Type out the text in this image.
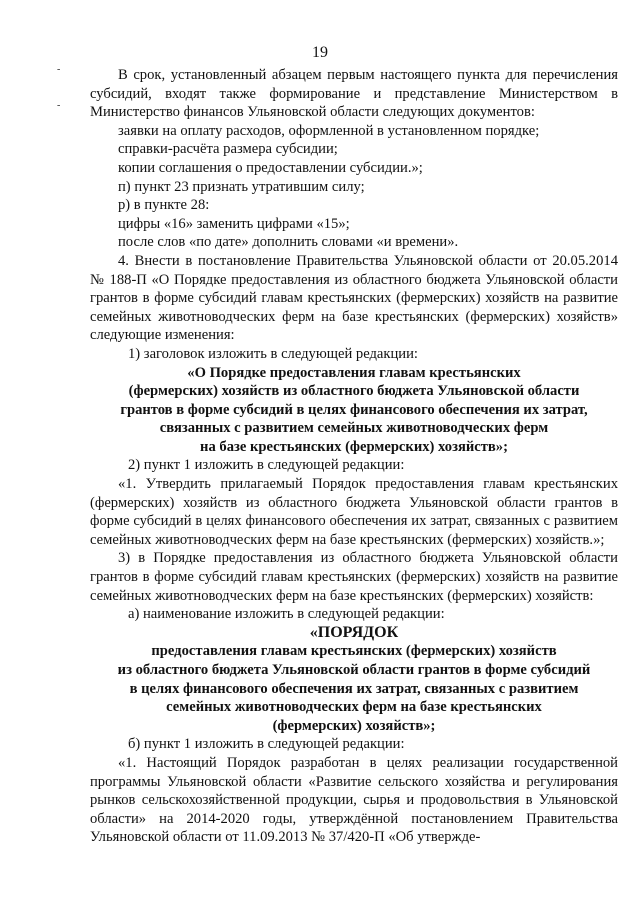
19
-
-

В срок, установленный абзацем первым настоящего пункта для перечисления субсидий, входят также формирование и представление Министерством в Министерство финансов Ульяновской области следующих документов:

заявки на оплату расходов, оформленной в установленном порядке;

справки-расчёта размера субсидии;

копии соглашения о предоставлении субсидии.»;

п) пункт 23 признать утратившим силу;

р) в пункте 28:

цифры «16» заменить цифрами «15»;

после слов «по дате» дополнить словами «и времени».

4. Внести в постановление Правительства Ульяновской области от 20.05.2014 № 188-П «О Порядке предоставления из областного бюджета Ульяновской области грантов в форме субсидий главам крестьянских (фермерских) хозяйств на развитие семейных животноводческих ферм на базе крестьянских (фермерских) хозяйств» следующие изменения:

1) заголовок изложить в следующей редакции:

«О Порядке предоставления главам крестьянских

(фермерских) хозяйств из областного бюджета Ульяновской области

грантов в форме субсидий в целях финансового обеспечения их затрат,

связанных с развитием семейных животноводческих ферм

на базе крестьянских (фермерских) хозяйств»;

2) пункт 1 изложить в следующей редакции:

«1. Утвердить прилагаемый Порядок предоставления главам крестьянских (фермерских) хозяйств из областного бюджета Ульяновской области грантов в форме субсидий в целях финансового обеспечения их затрат, связанных с развитием семейных животноводческих ферм на базе крестьянских (фермерских) хозяйств.»;

3) в Порядке предоставления из областного бюджета Ульяновской области грантов в форме субсидий главам крестьянских (фермерских) хозяйств на развитие семейных животноводческих ферм на базе крестьянских (фермерских) хозяйств:

а) наименование изложить в следующей редакции:

«ПОРЯДОК

предоставления главам крестьянских (фермерских) хозяйств

из областного бюджета Ульяновской области грантов в форме субсидий

в целях финансового обеспечения их затрат, связанных с развитием

семейных животноводческих ферм на базе крестьянских

(фермерских) хозяйств»;

б) пункт 1 изложить в следующей редакции:

«1. Настоящий Порядок разработан в целях реализации государственной программы Ульяновской области «Развитие сельского хозяйства и регулирования рынков сельскохозяйственной продукции, сырья и продовольствия в Ульяновской области» на 2014-2020 годы, утверждённой постановлением Правительства Ульяновской области от 11.09.2013 № 37/420-П «Об утвержде-
